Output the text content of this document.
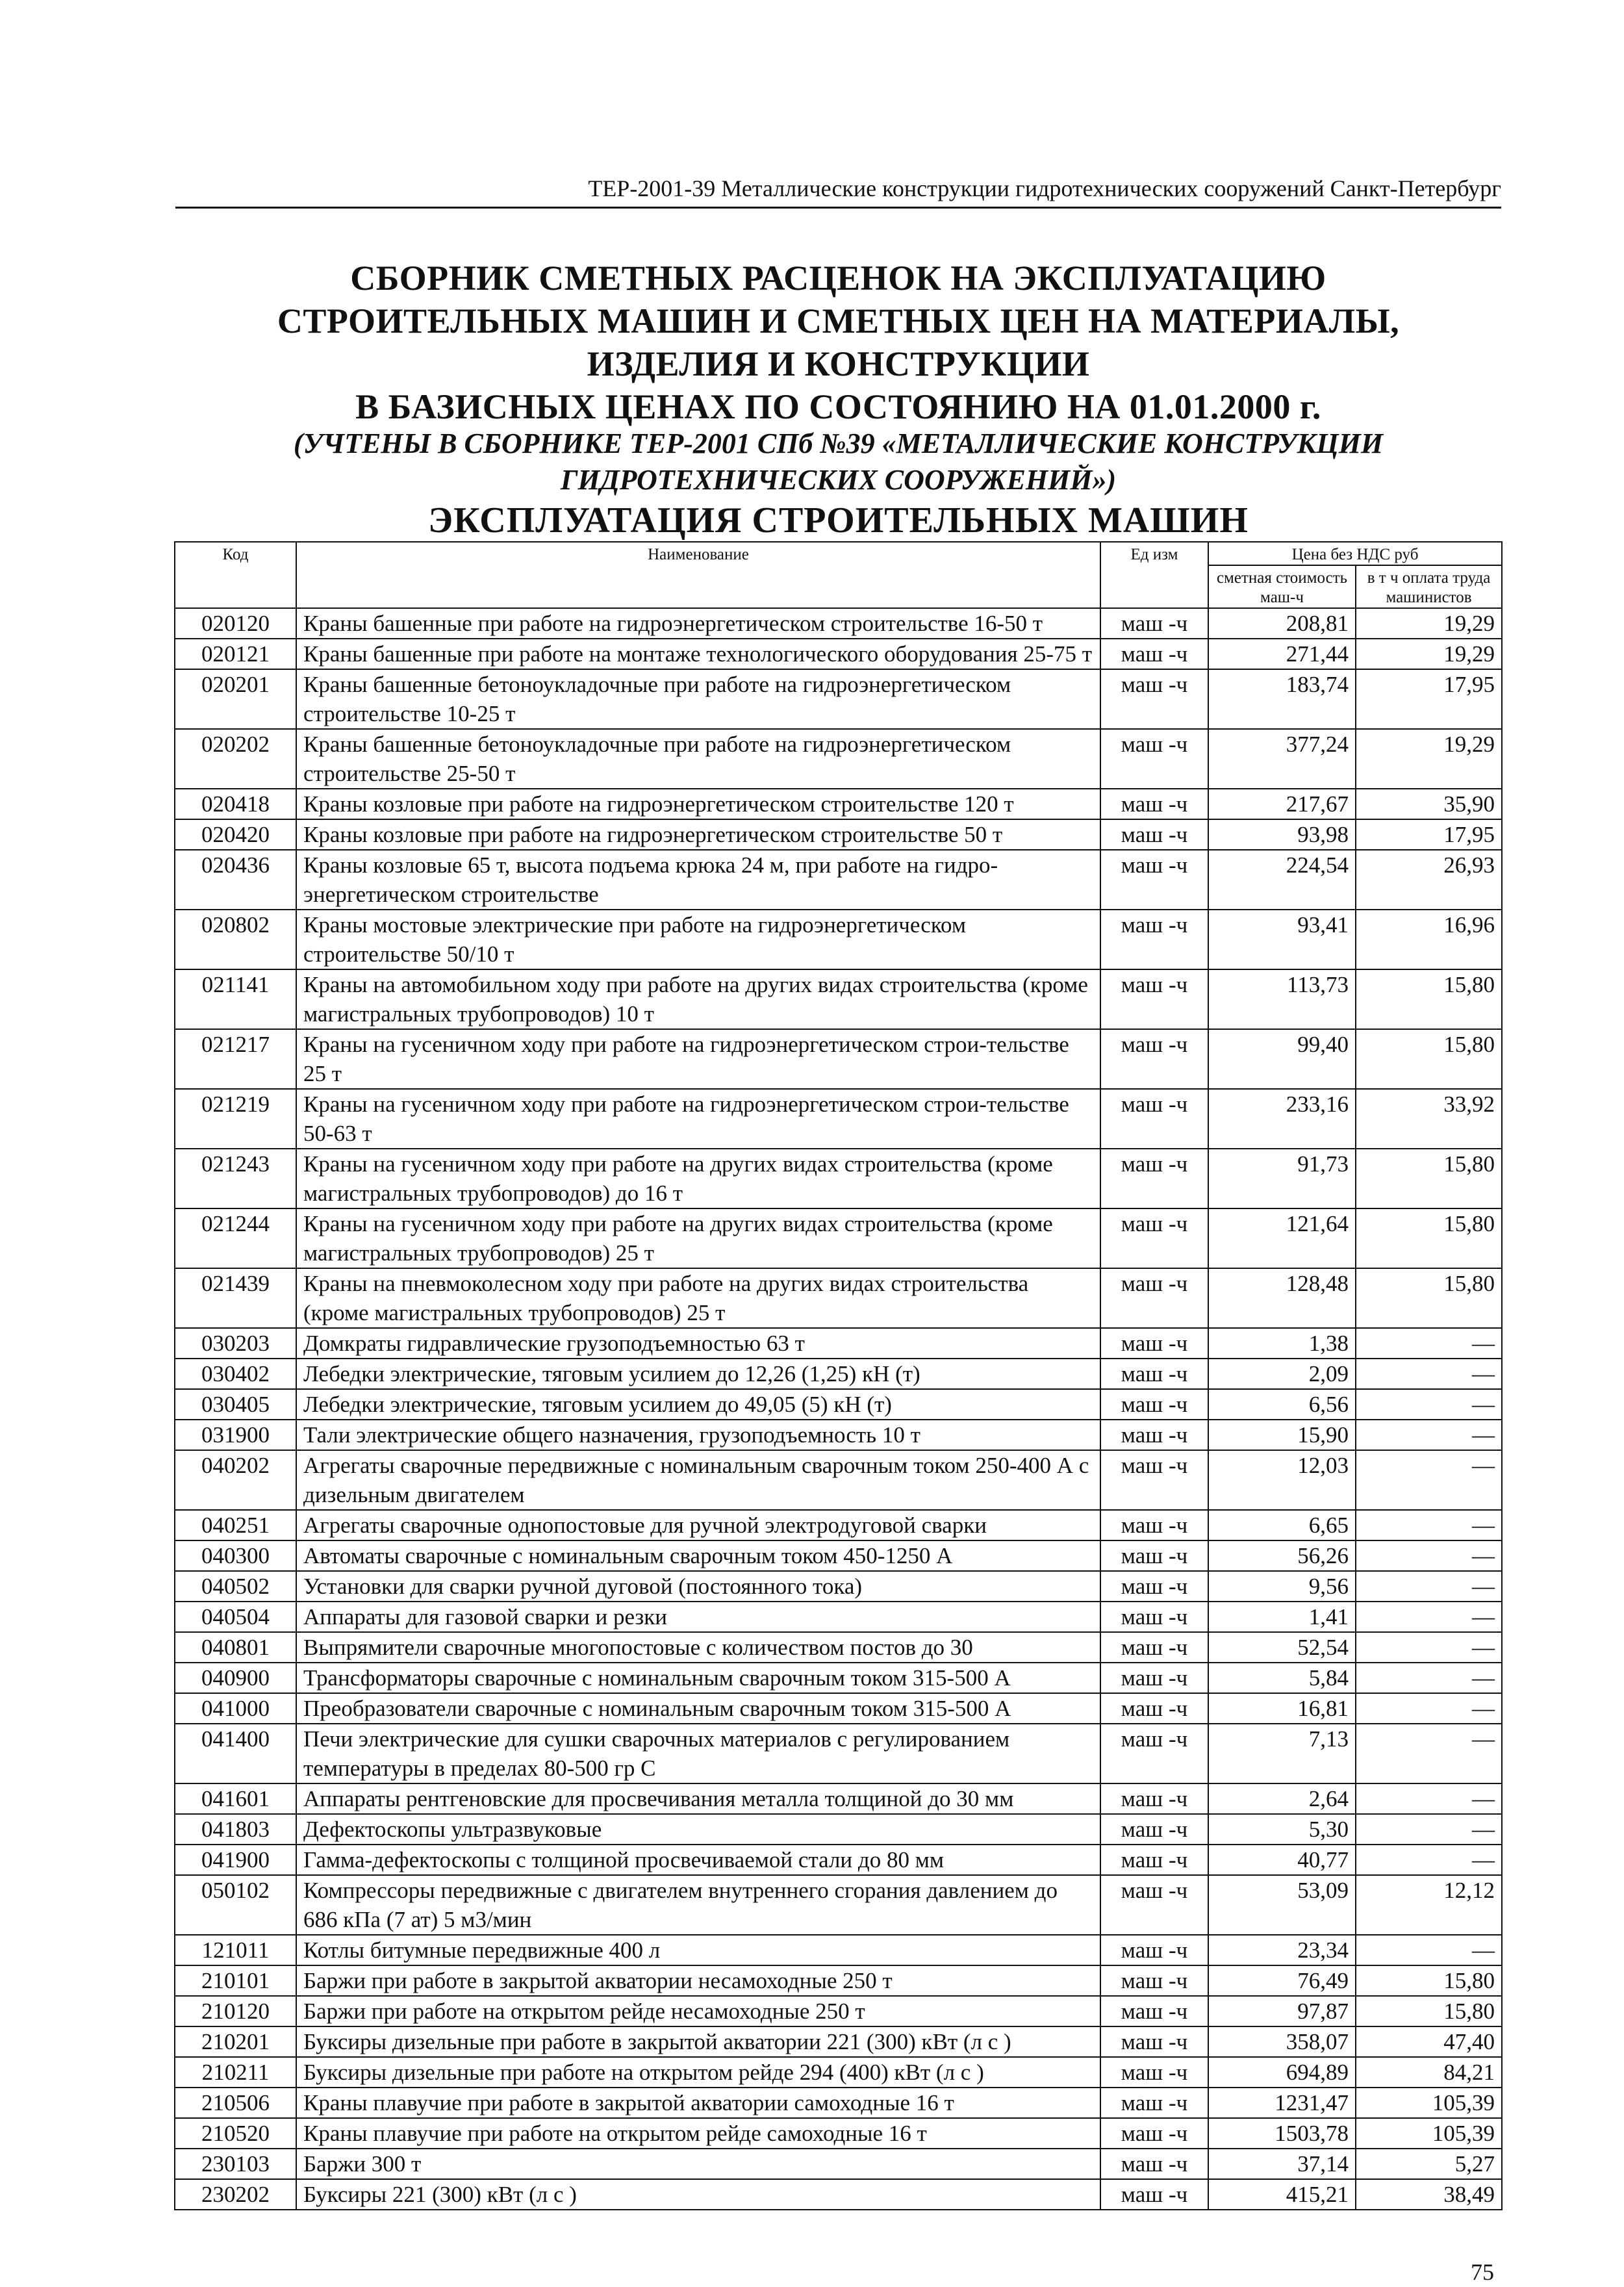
ТЕР-2001-39 Металлические конструкции гидротехнических сооружений Санкт-Петербург
СБОРНИК СМЕТНЫХ РАСЦЕНОК НА ЭКСПЛУАТАЦИЮ
СТРОИТЕЛЬНЫХ МАШИН И СМЕТНЫХ ЦЕН НА МАТЕРИАЛЫ,
ИЗДЕЛИЯ И КОНСТРУКЦИИ
В БАЗИСНЫХ ЦЕНАХ ПО СОСТОЯНИЮ НА 01.01.2000 г.
(УЧТЕНЫ В СБОРНИКЕ ТЕР-2001 СПб №39 «МЕТАЛЛИЧЕСКИЕ КОНСТРУКЦИИ
ГИДРОТЕХНИЧЕСКИХ СООРУЖЕНИЙ»)
ЭКСПЛУАТАЦИЯ СТРОИТЕЛЬНЫХ МАШИН
Код	Наименование	Ед изм	Цена без НДС руб	
			сметная стоимость маш-ч	в т ч оплата труда машинистов
020120	Краны башенные при работе на гидроэнергетическом строительстве 16-50 т	маш -ч	208,81	19,29
020121	Краны башенные при работе на монтаже технологического оборудования 25-75 т	маш -ч	271,44	19,29
020201	Краны башенные бетоноукладочные при работе на гидроэнергетическом строительстве 10-25 т	маш -ч	183,74	17,95
020202	Краны башенные бетоноукладочные при работе на гидроэнергетическом строительстве 25-50 т	маш -ч	377,24	19,29
020418	Краны козловые при работе на гидроэнергетическом строительстве 120 т	маш -ч	217,67	35,90
020420	Краны козловые при работе на гидроэнергетическом строительстве 50 т	маш -ч	93,98	17,95
020436	Краны козловые 65 т, высота подъема крюка 24 м, при работе на гидро-энергетическом строительстве	маш -ч	224,54	26,93
020802	Краны мостовые электрические при работе на гидроэнергетическом строительстве 50/10 т	маш -ч	93,41	16,96
021141	Краны на автомобильном ходу при работе на других видах строительства (кроме магистральных трубопроводов) 10 т	маш -ч	113,73	15,80
021217	Краны на гусеничном ходу при работе на гидроэнергетическом строи-тельстве 25 т	маш -ч	99,40	15,80
021219	Краны на гусеничном ходу при работе на гидроэнергетическом строи-тельстве 50-63 т	маш -ч	233,16	33,92
021243	Краны на гусеничном ходу при работе на других видах строительства (кроме магистральных трубопроводов) до 16 т	маш -ч	91,73	15,80
021244	Краны на гусеничном ходу при работе на других видах строительства (кроме магистральных трубопроводов) 25 т	маш -ч	121,64	15,80
021439	Краны на пневмоколесном ходу при работе на других видах строительства (кроме магистральных трубопроводов) 25 т	маш -ч	128,48	15,80
030203	Домкраты гидравлические грузоподъемностью 63 т	маш -ч	1,38	—
030402	Лебедки электрические, тяговым усилием до 12,26 (1,25) кН (т)	маш -ч	2,09	—
030405	Лебедки электрические, тяговым усилием до 49,05 (5) кН (т)	маш -ч	6,56	—
031900	Тали электрические общего назначения, грузоподъемность 10 т	маш -ч	15,90	—
040202	Агрегаты сварочные передвижные с номинальным сварочным током 250-400 А с дизельным двигателем	маш -ч	12,03	—
040251	Агрегаты сварочные однопостовые для ручной электродуговой сварки	маш -ч	6,65	—
040300	Автоматы сварочные с номинальным сварочным током 450-1250 А	маш -ч	56,26	—
040502	Установки для сварки ручной дуговой (постоянного тока)	маш -ч	9,56	—
040504	Аппараты для газовой сварки и резки	маш -ч	1,41	—
040801	Выпрямители сварочные многопостовые с количеством постов до 30	маш -ч	52,54	—
040900	Трансформаторы сварочные с номинальным сварочным током 315-500 А	маш -ч	5,84	—
041000	Преобразователи сварочные с номинальным сварочным током 315-500 А	маш -ч	16,81	—
041400	Печи электрические для сушки сварочных материалов с регулированием температуры в пределах 80-500 гр С	маш -ч	7,13	—
041601	Аппараты рентгеновские для просвечивания металла толщиной до 30 мм	маш -ч	2,64	—
041803	Дефектоскопы ультразвуковые	маш -ч	5,30	—
041900	Гамма-дефектоскопы с толщиной просвечиваемой стали до 80 мм	маш -ч	40,77	—
050102	Компрессоры передвижные с двигателем внутреннего сгорания давлением до 686 кПа (7 ат) 5 м3/мин	маш -ч	53,09	12,12
121011	Котлы битумные передвижные 400 л	маш -ч	23,34	—
210101	Баржи при работе в закрытой акватории несамоходные 250 т	маш -ч	76,49	15,80
210120	Баржи при работе на открытом рейде несамоходные 250 т	маш -ч	97,87	15,80
210201	Буксиры дизельные при работе в закрытой акватории 221 (300) кВт (л с )	маш -ч	358,07	47,40
210211	Буксиры дизельные при работе на открытом рейде 294 (400) кВт (л с )	маш -ч	694,89	84,21
210506	Краны плавучие при работе в закрытой акватории самоходные 16 т	маш -ч	1231,47	105,39
210520	Краны плавучие при работе на открытом рейде самоходные 16 т	маш -ч	1503,78	105,39
230103	Баржи 300 т	маш -ч	37,14	5,27
230202	Буксиры 221 (300) кВт (л с )	маш -ч	415,21	38,49
75
